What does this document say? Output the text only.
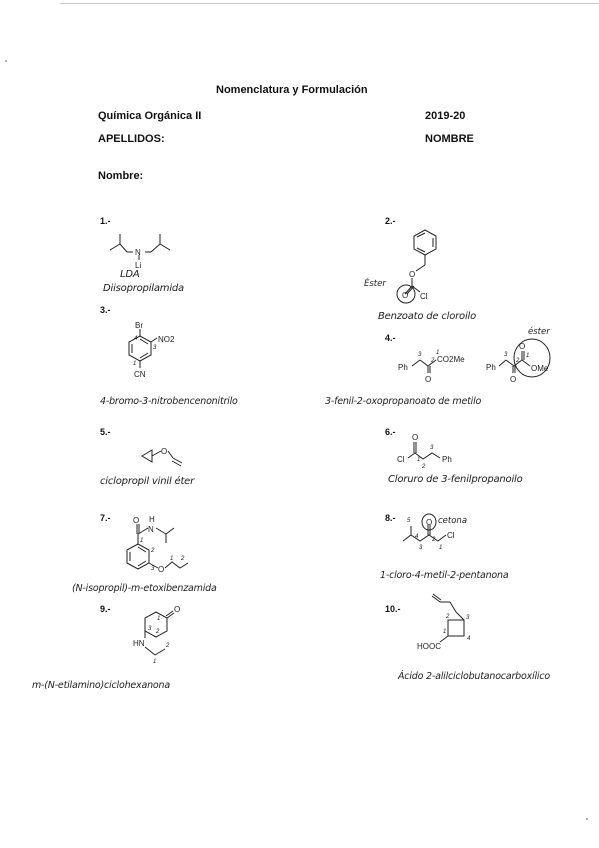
Nomenclatura y Formulación
Química Orgánica II	2019-20
APELLIDOS:	NOMBRE
Nombre:
1.-
N
Li
LDA
Diisopropilamida
2.-
O
O Cl
Éster
Benzoato de cloroilo
3.-
Br
NO2
CN
4
3
1
4-bromo-3-nitrobencenonitrilo
4.-
Ph
CO2Me
O
3
2
1
Ph
O
O
OMe
3
2
1
éster
3-fenil-2-oxopropanoato de metilo
5.-
O
ciclopropil vinil éter
6.-
O
Cl	Ph
1
2
3
Cloruro de 3-fenilpropanoilo
7.-	O H
N
O
1
2
3
1 2
(N-isopropil)-m-etoxibenzamida
8.-	O
Cl
cetona
5
4
3
2
1
1-cloro-4-metil-2-pentanona
9.-	O
HN
1
2
3
1
2
m-(N-etilamino)ciclohexanona
10.-
HOOC
1
2	3
4
Ácido 2-alilciclobutanocarboxílico
